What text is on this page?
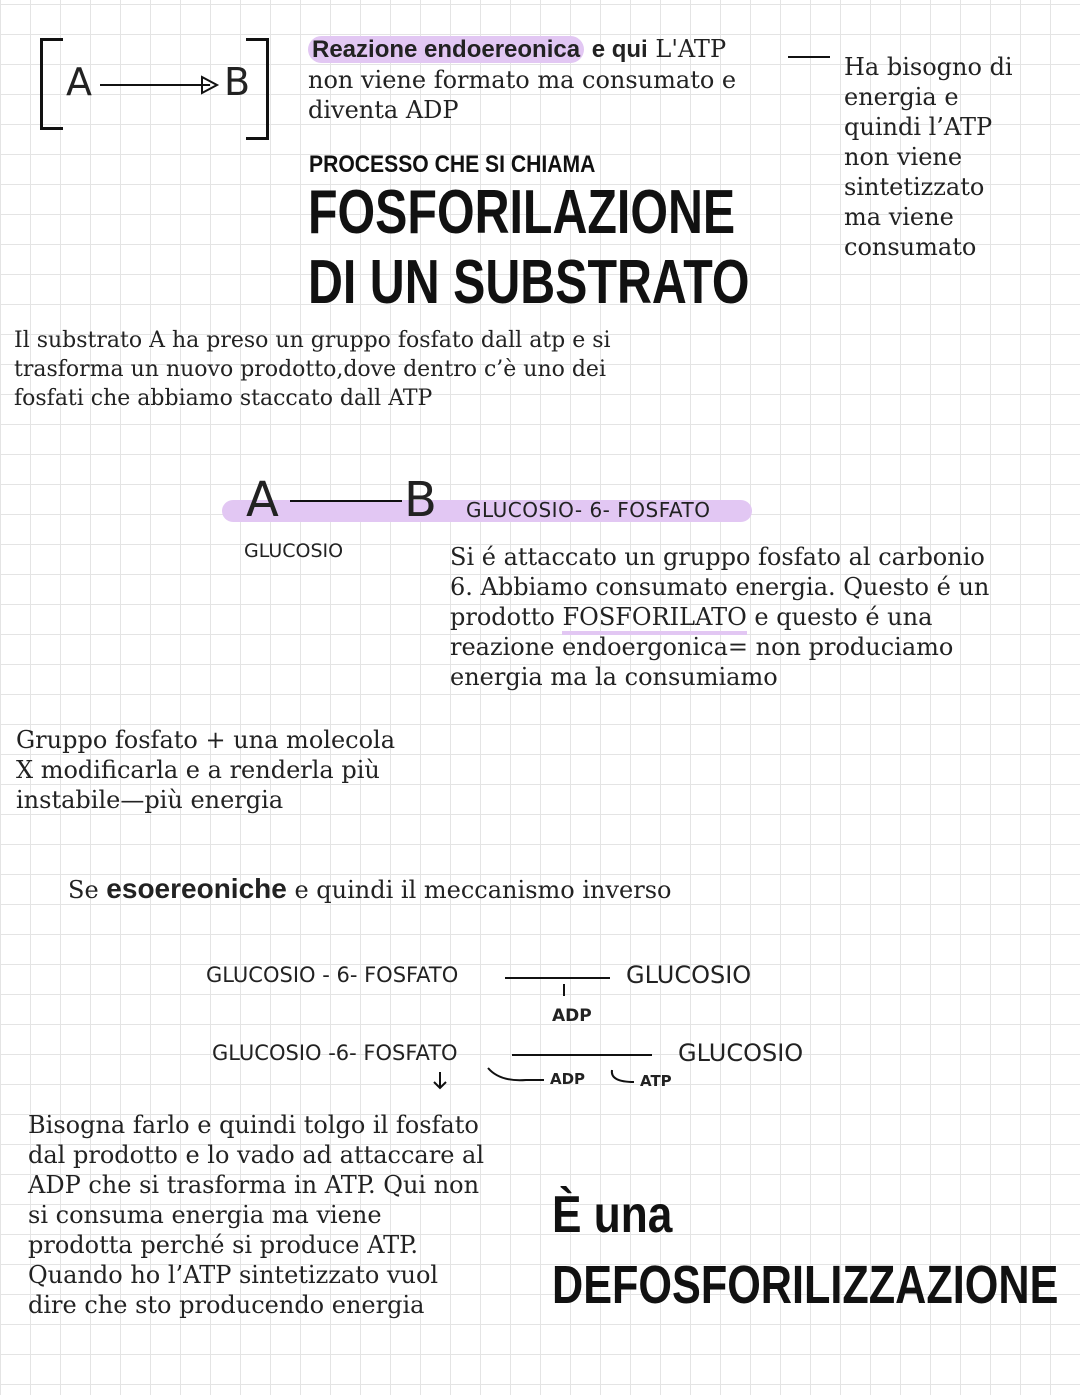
A	B
Reazione endoereonica e qui L'ATP non viene formato ma consumato e diventa ADP
Ha bisogno di energia e quindi l’ATP non viene sintetizzato ma viene consumato
PROCESSO CHE SI CHIAMA
FOSFORILAZIONE
DI UN SUBSTRATO
Il substrato A ha preso un gruppo fosfato dall atp e si trasforma un nuovo prodotto,dove dentro c’è uno dei fosfati che abbiamo staccato dall ATP
A	B GLUCOSIO- 6- FOSFATO
GLUCOSIO	Si é attaccato un gruppo fosfato al carbonio 6. Abbiamo consumato energia. Questo é un prodotto FOSFORILATO e questo é una reazione endoergonica= non produciamo energia ma la consumiamo
Gruppo fosfato + una molecola X modificarla e a renderla più instabile—più energia
Se esoereoniche e quindi il meccanismo inverso
GLUCOSIO - 6- FOSFATO	GLUCOSIO
ADP
GLUCOSIO -6- FOSFATO	GLUCOSIO
ADP	ATP
Bisogna farlo e quindi tolgo il fosfato dal prodotto e lo vado ad attaccare al ADP che si trasforma in ATP. Qui non si consuma energia ma viene prodotta perché si produce ATP. Quando ho l’ATP sintetizzato vuol dire che sto producendo energia
È una
DEFOSFORILIZZAZIONE
